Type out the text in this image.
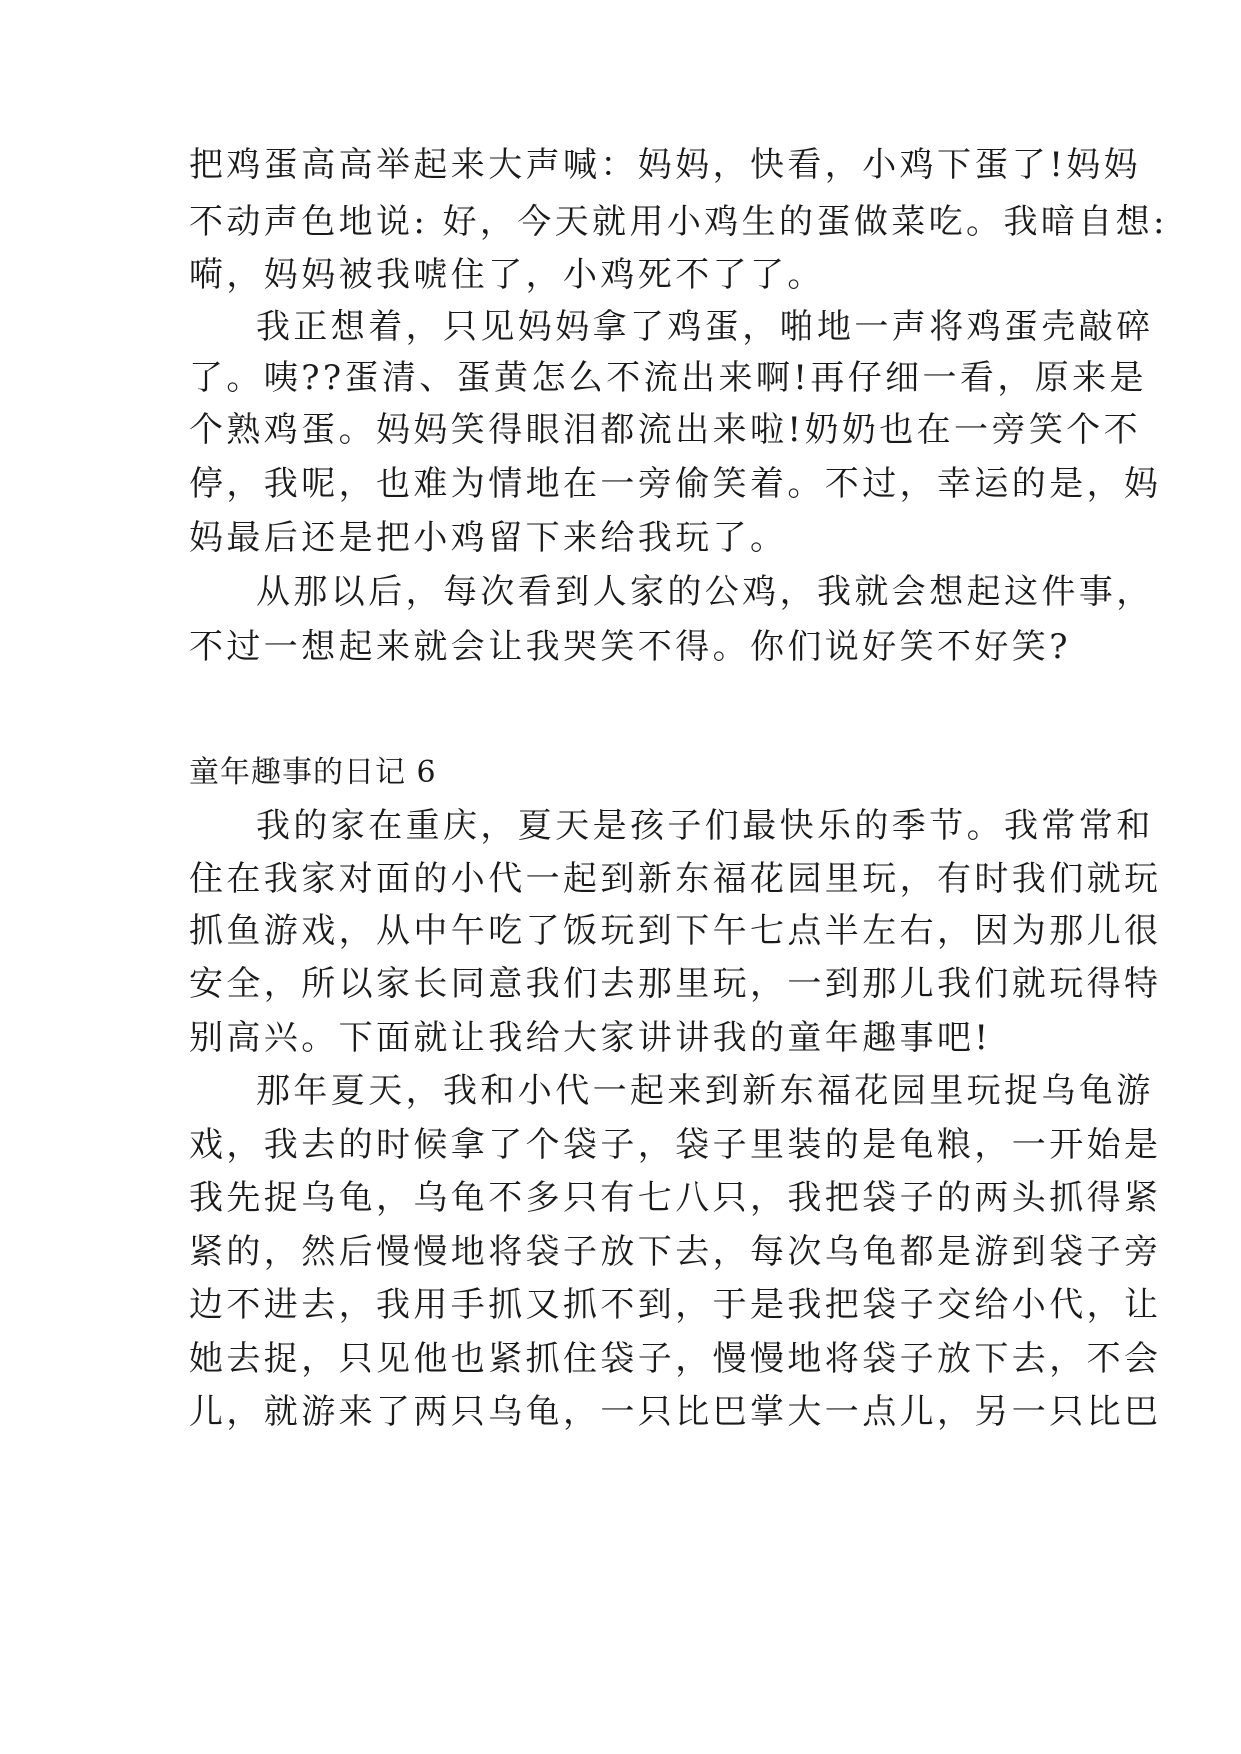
把鸡蛋高高举起来大声喊：妈妈，快看，小鸡下蛋了!妈妈
不动声色地说: 好，今天就用小鸡生的蛋做菜吃。我暗自想:
嗬，妈妈被我唬住了，小鸡死不了了。
我正想着，只见妈妈拿了鸡蛋，啪地一声将鸡蛋壳敲碎
了。咦??蛋清、蛋黄怎么不流出来啊!再仔细一看，原来是
个熟鸡蛋。妈妈笑得眼泪都流出来啦!奶奶也在一旁笑个不
停，我呢，也难为情地在一旁偷笑着。不过，幸运的是，妈
妈最后还是把小鸡留下来给我玩了。
从那以后，每次看到人家的公鸡，我就会想起这件事，
不过一想起来就会让我哭笑不得。你们说好笑不好笑?
童年趣事的日记 6
我的家在重庆，夏天是孩子们最快乐的季节。我常常和
住在我家对面的小代一起到新东福花园里玩，有时我们就玩
抓鱼游戏，从中午吃了饭玩到下午七点半左右，因为那儿很
安全，所以家长同意我们去那里玩，一到那儿我们就玩得特
别高兴。下面就让我给大家讲讲我的童年趣事吧!
那年夏天，我和小代一起来到新东福花园里玩捉乌龟游
戏，我去的时候拿了个袋子，袋子里装的是龟粮，一开始是
我先捉乌龟，乌龟不多只有七八只，我把袋子的两头抓得紧
紧的，然后慢慢地将袋子放下去，每次乌龟都是游到袋子旁
边不进去，我用手抓又抓不到，于是我把袋子交给小代，让
她去捉，只见他也紧抓住袋子，慢慢地将袋子放下去，不会
儿，就游来了两只乌龟，一只比巴掌大一点儿，另一只比巴
